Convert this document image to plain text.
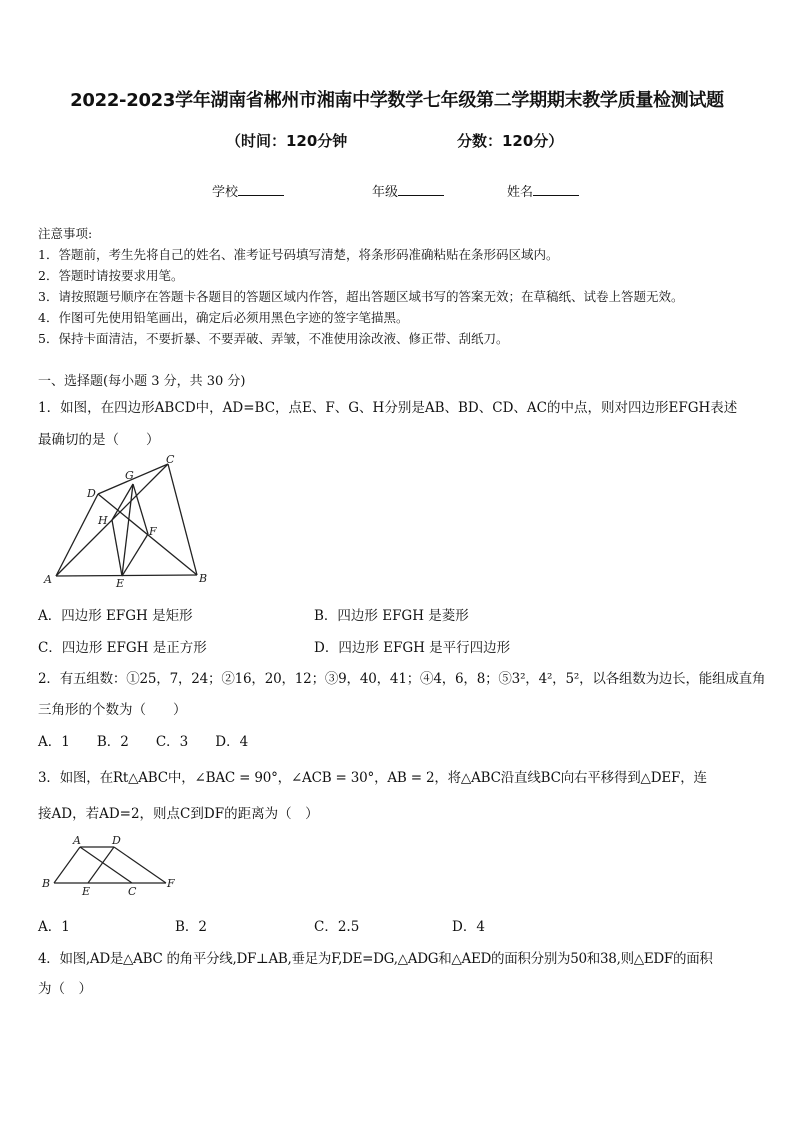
2022-2023学年湖南省郴州市湘南中学数学七年级第二学期期末教学质量检测试题
（时间：120分钟	分数：120分）
学校	年级	姓名
注意事项:
1．答题前，考生先将自己的姓名、准考证号码填写清楚，将条形码准确粘贴在条形码区域内。
2．答题时请按要求用笔。
3．请按照题号顺序在答题卡各题目的答题区域内作答，超出答题区域书写的答案无效；在草稿纸、试卷上答题无效。
4．作图可先使用铅笔画出，确定后必须用黑色字迹的签字笔描黑。
5．保持卡面清洁，不要折暴、不要弄破、弄皱，不准使用涂改液、修正带、刮纸刀。
一、选择题(每小题 3 分，共 30 分)
1．如图，在四边形ABCD中，AD=BC，点E、F、G、H分别是AB、BD、CD、AC的中点，则对四边形EFGH表述
最确切的是（　　）
A	B
C
D
E
F
G
H
A．四边形 EFGH 是矩形	B．四边形 EFGH 是菱形
C．四边形 EFGH 是正方形	D．四边形 EFGH 是平行四边形
2．有五组数：①25，7，24；②16，20，12；③9，40，41；④4，6，8；⑤3²，4²，5²，以各组数为边长，能组成直角
三角形的个数为（　　）
A．1　　B．2　　C．3　　D．4
3．如图，在Rt△ABC中，∠BAC = 90°，∠ACB = 30°，AB = 2，将△ABC沿直线BC向右平移得到△DEF，连
接AD，若AD=2，则点C到DF的距离为（　）
B
A	D
E	C
F
A．1	B．2	C．2.5	D．4
4．如图,AD是△ABC 的角平分线,DF⊥AB,垂足为F,DE=DG,△ADG和△AED的面积分别为50和38,则△EDF的面积
为（　）
